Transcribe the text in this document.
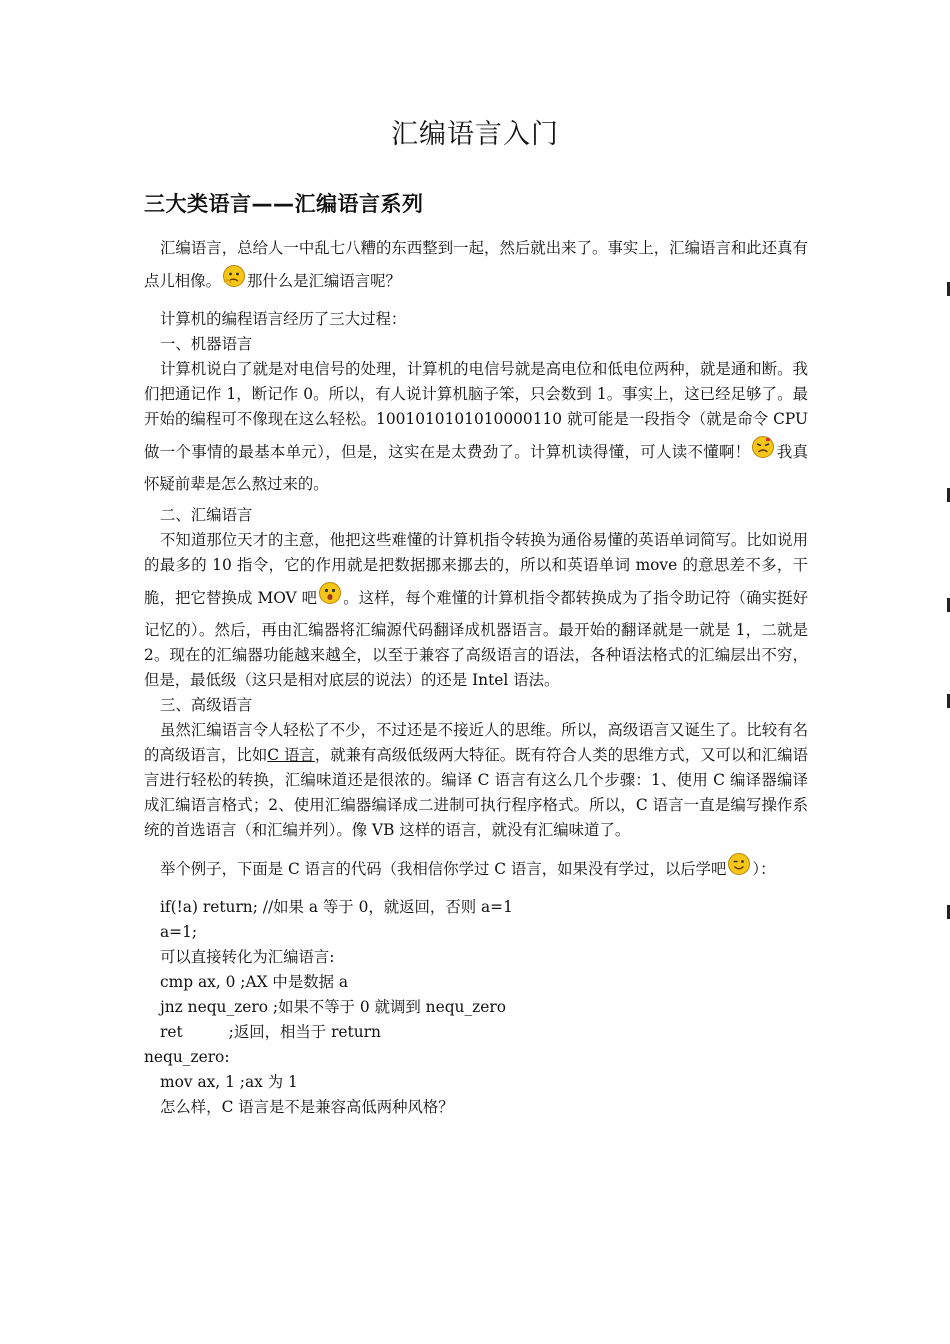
汇编语言入门
三大类语言——汇编语言系列

汇编语言，总给人一中乱七八糟的东西整到一起，然后就出来了。事实上，汇编语言和此还真有点儿相像。 那什么是汇编语言呢？

计算机的编程语言经历了三大过程：

一、机器语言

计算机说白了就是对电信号的处理，计算机的电信号就是高电位和低电位两种，就是通和断。我们把通记作 1，断记作 0。所以，有人说计算机脑子笨，只会数到 1。事实上，这已经足够了。最开始的编程可不像现在这么轻松。1001010101010000110 就可能是一段指令（就是命令 CPU 做一个事情的最基本单元），但是，这实在是太费劲了。计算机读得懂，可人读不懂啊！ 我真怀疑前辈是怎么熬过来的。

二、汇编语言

不知道那位天才的主意，他把这些难懂的计算机指令转换为通俗易懂的英语单词简写。比如说用的最多的 10 指令，它的作用就是把数据挪来挪去的，所以和英语单词 move 的意思差不多，干脆，把它替换成 MOV 吧 。这样，每个难懂的计算机指令都转换成为了指令助记符（确实挺好记忆的）。然后，再由汇编器将汇编源代码翻译成机器语言。最开始的翻译就是一就是 1，二就是 2。现在的汇编器功能越来越全，以至于兼容了高级语言的语法，各种语法格式的汇编层出不穷，但是，最低级（这只是相对底层的说法）的还是 Intel 语法。

三、高级语言

虽然汇编语言令人轻松了不少，不过还是不接近人的思维。所以，高级语言又诞生了。比较有名的高级语言，比如C 语言，就兼有高级低级两大特征。既有符合人类的思维方式，又可以和汇编语言进行轻松的转换，汇编味道还是很浓的。编译 C 语言有这么几个步骤：1、使用 C 编译器编译成汇编语言格式；2、使用汇编器编译成二进制可执行程序格式。所以，C 语言一直是编写操作系统的首选语言（和汇编并列）。像 VB 这样的语言，就没有汇编味道了。

举个例子，下面是 C 语言的代码（我相信你学过 C 语言，如果没有学过，以后学吧 ）：

if(!a) return; //如果 a 等于 0，就返回，否则 a=1

a=1;

可以直接转化为汇编语言:

cmp ax, 0 ;AX 中是数据 a

jnz nequ_zero ;如果不等于 0 就调到 nequ_zero

ret	;返回，相当于 return

nequ_zero:

mov ax, 1 ;ax 为 1

怎么样，C 语言是不是兼容高低两种风格？
